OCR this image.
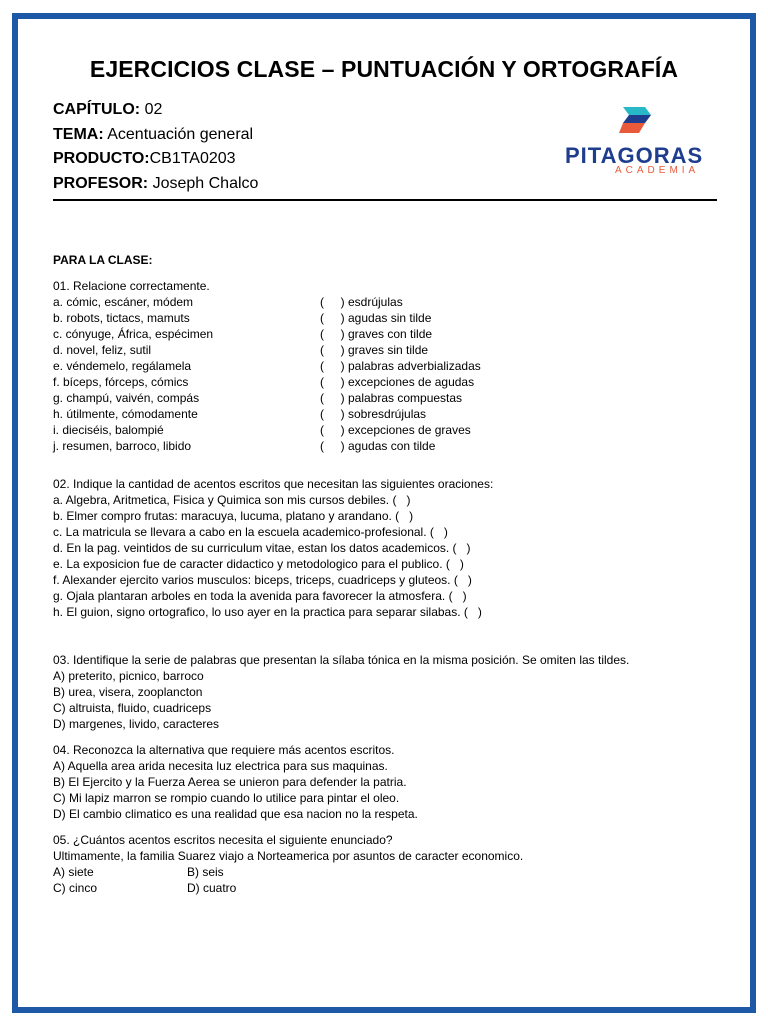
EJERCICIOS CLASE – PUNTUACIÓN Y ORTOGRAFÍA
CAPÍTULO: 02
TEMA: Acentuación general
PRODUCTO:CB1TA0203
PROFESOR: Joseph Chalco
PITAGORAS
ACADEMIA
PARA LA CLASE:
01. Relacione correctamente.
a. cómic, escáner, módem	(     ) esdrújulas
b. robots, tictacs, mamuts	(     ) agudas sin tilde
c. cónyuge, África, espécimen	(     ) graves con tilde
d. novel, feliz, sutil	(     ) graves sin tilde
e. véndemelo, regálamela	(     ) palabras adverbializadas
f. bíceps, fórceps, cómics	(     ) excepciones de agudas
g. champú, vaivén, compás	(     ) palabras compuestas
h. útilmente, cómodamente	(     ) sobresdrújulas
i. dieciséis, balompié	(     ) excepciones de graves
j. resumen, barroco, libido	(     ) agudas con tilde
02. Indique la cantidad de acentos escritos que necesitan las siguientes oraciones:
a. Algebra, Aritmetica, Fisica y Quimica son mis cursos debiles. (   )
b. Elmer compro frutas: maracuya, lucuma, platano y arandano. (   )
c. La matricula se llevara a cabo en la escuela academico-profesional. (   )
d. En la pag. veintidos de su curriculum vitae, estan los datos academicos. (   )
e. La exposicion fue de caracter didactico y metodologico para el publico. (   )
f. Alexander ejercito varios musculos: biceps, triceps, cuadriceps y gluteos. (   )
g. Ojala plantaran arboles en toda la avenida para favorecer la atmosfera. (   )
h. El guion, signo ortografico, lo uso ayer en la practica para separar silabas. (   )
03. Identifique la serie de palabras que presentan la sílaba tónica en la misma posición. Se omiten las tildes.
A) preterito, picnico, barroco
B) urea, visera, zooplancton
C) altruista, fluido, cuadriceps
D) margenes, livido, caracteres
04. Reconozca la alternativa que requiere más acentos escritos.
A) Aquella area arida necesita luz electrica para sus maquinas.
B) El Ejercito y la Fuerza Aerea se unieron para defender la patria.
C) Mi lapiz marron se rompio cuando lo utilice para pintar el oleo.
D) El cambio climatico es una realidad que esa nacion no la respeta.
05. ¿Cuántos acentos escritos necesita el siguiente enunciado?
Ultimamente, la familia Suarez viajo a Norteamerica por asuntos de caracter economico.
A) siete	B) seis
C) cinco	D) cuatro
